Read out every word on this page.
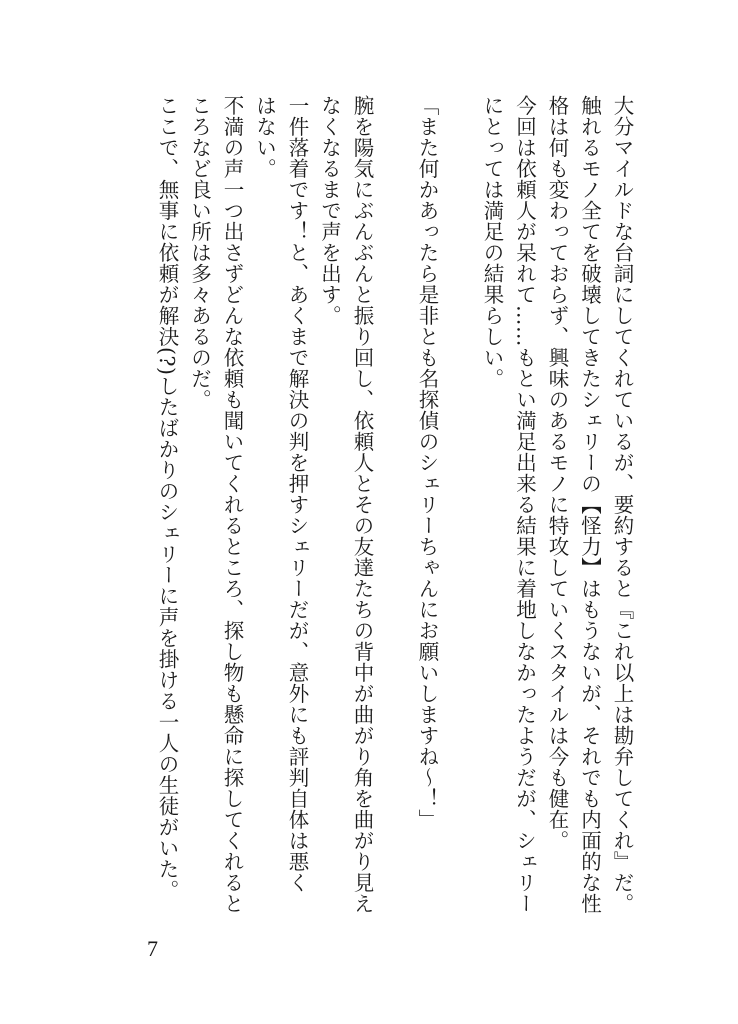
大分マイルドな台詞にしてくれているが、要約すると『これ以上は勘弁してくれ』だ。
触れるモノ全てを破壊してきたシェリーの【怪力】はもうないが、それでも内面的な性
格は何も変わっておらず、興味のあるモノに特攻していくスタイルは今も健在。
今回は依頼人が呆れて……もとい満足出来る結果に着地しなかったようだが、シェリー
にとっては満足の結果らしい。
「また何かあったら是非とも名探偵のシェリーちゃんにお願いしますね～！」
腕を陽気にぶんぶんと振り回し、依頼人とその友達たちの背中が曲がり角を曲がり見え
なくなるまで声を出す。
一件落着です！と、あくまで解決の判を押すシェリーだが、意外にも評判自体は悪く
はない。
不満の声一つ出さずどんな依頼も聞いてくれるところ、探し物も懸命に探してくれると
ころなど良い所は多々あるのだ。
ここで、無事に依頼が解決(?)したばかりのシェリーに声を掛ける一人の生徒がいた。
7
